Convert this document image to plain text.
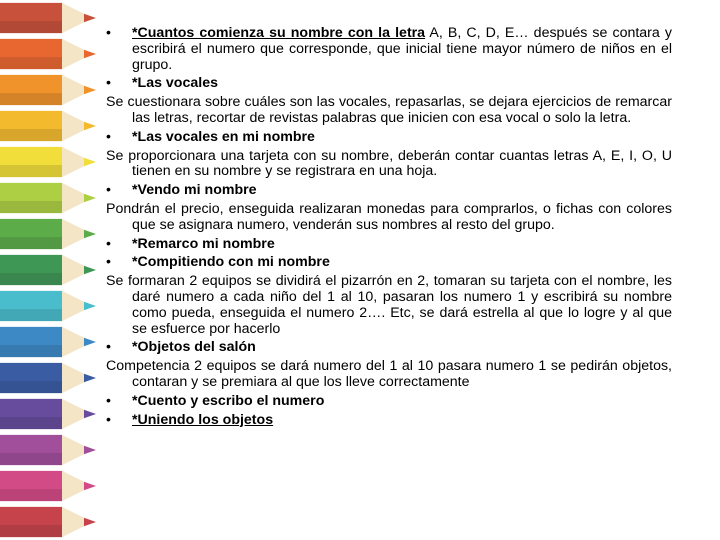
•	*Cuantos comienza su nombre con la letra A, B, C, D, E… después se contara y escribirá el numero que corresponde, que inicial tiene mayor número de niños en el grupo.
•	*Las vocales
Se cuestionara sobre cuáles son las vocales, repasarlas, se dejara ejercicios de remarcar las letras, recortar de revistas palabras que inicien con esa vocal o solo la letra.
•	*Las vocales en mi nombre
Se proporcionara una tarjeta con su nombre, deberán contar cuantas letras A, E, I, O, U tienen en su nombre y se registrara en una hoja.
•	*Vendo mi nombre
Pondrán el precio, enseguida realizaran monedas para comprarlos, o fichas con colores que se asignara numero, venderán sus nombres al resto del grupo.
•	*Remarco mi nombre
•	*Compitiendo con mi nombre
Se formaran 2 equipos se dividirá el pizarrón en 2, tomaran su tarjeta con el nombre, les daré numero a cada niño del 1 al 10, pasaran los numero 1 y escribirá su nombre como pueda, enseguida el numero 2…. Etc, se dará estrella al que lo logre y al que se esfuerce por hacerlo
•	*Objetos del salón
Competencia 2 equipos se dará numero del 1 al 10 pasara numero 1 se pedirán objetos, contaran y se premiara al que los lleve correctamente
•	*Cuento y escribo el numero
•	*Uniendo los objetos
